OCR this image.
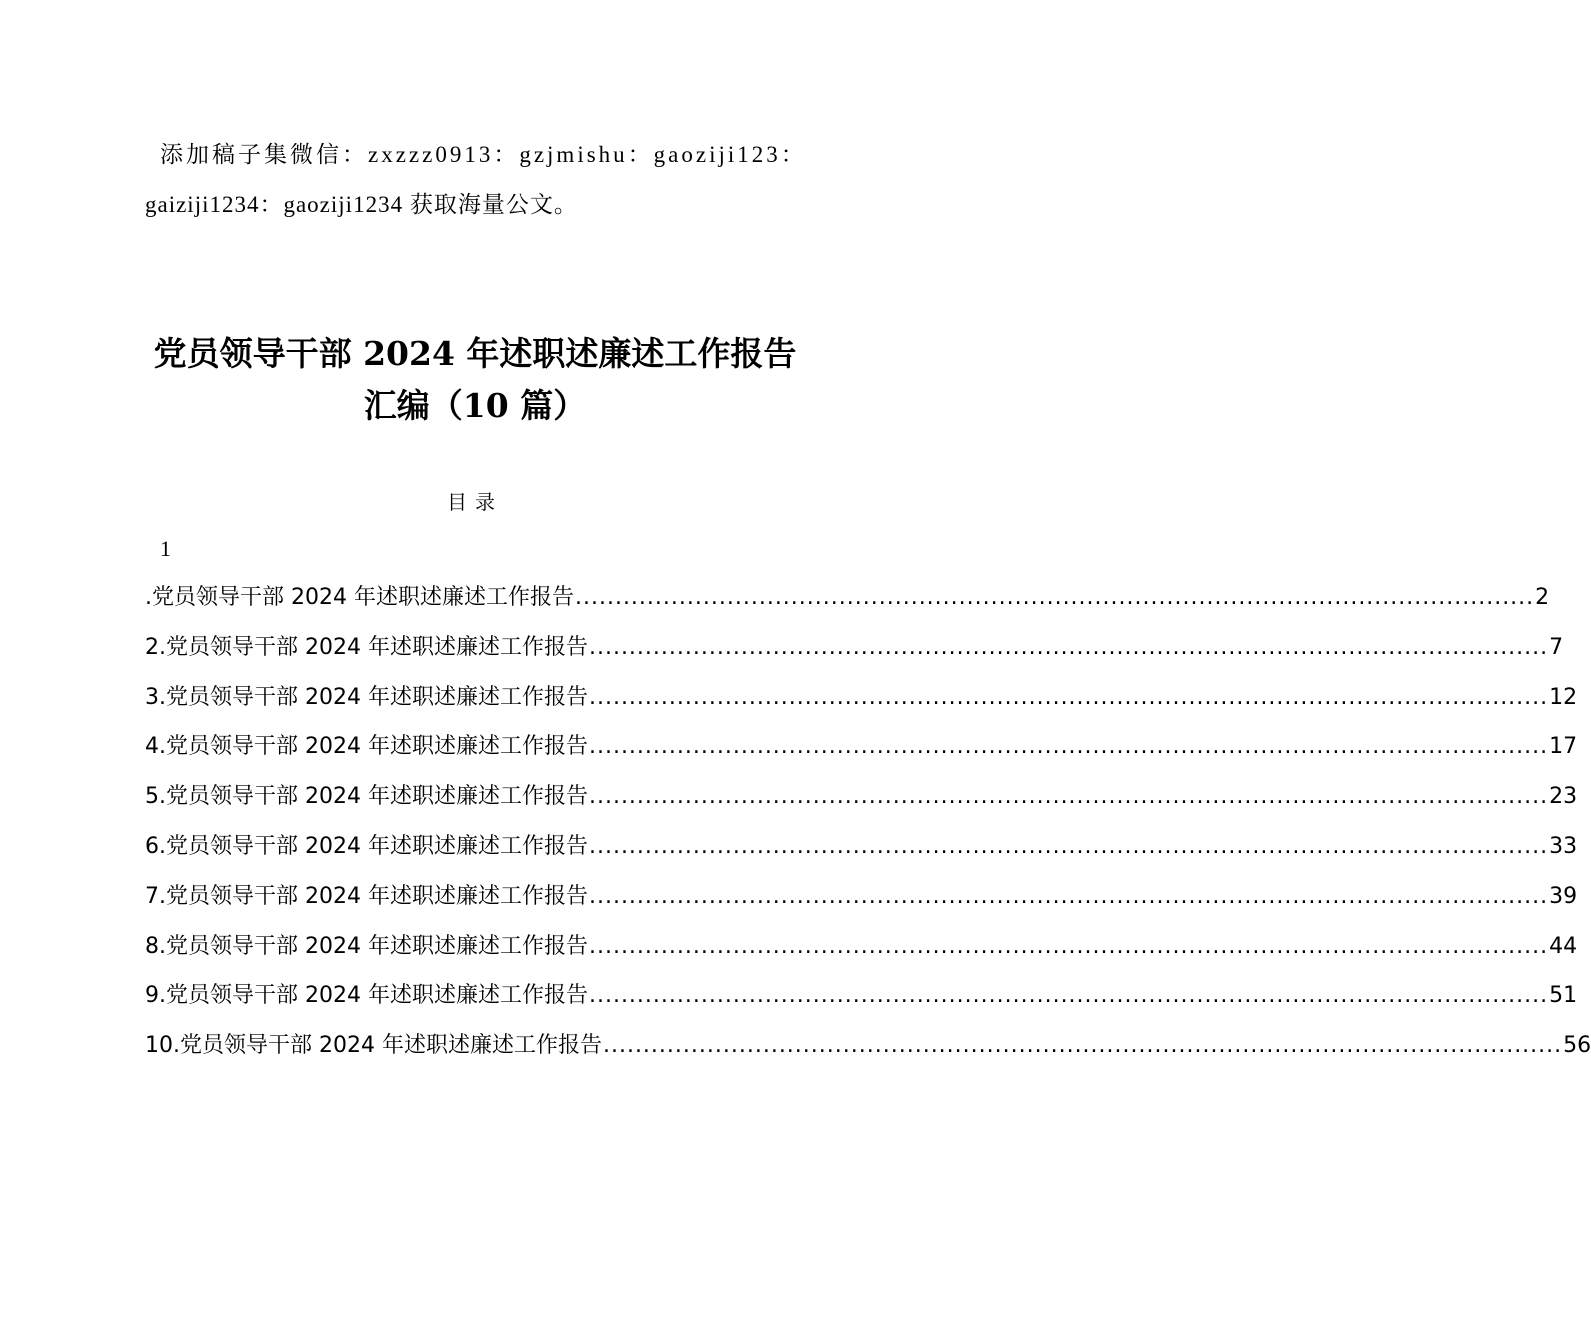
添加稿子集微信：zxzzz0913：gzjmishu：gaoziji123：
gaiziji1234：gaoziji1234 获取海量公文。
党员领导干部 2024 年述职述廉述工作报告
汇编（10 篇）
目录
1
.党员领导干部 2024 年述职述廉述工作报告 ........................................................................................................................ 2
2.党员领导干部 2024 年述职述廉述工作报告 ........................................................................................................................ 7
3.党员领导干部 2024 年述职述廉述工作报告 ........................................................................................................................ 12
4.党员领导干部 2024 年述职述廉述工作报告 ........................................................................................................................ 17
5.党员领导干部 2024 年述职述廉述工作报告 ........................................................................................................................ 23
6.党员领导干部 2024 年述职述廉述工作报告 ........................................................................................................................ 33
7.党员领导干部 2024 年述职述廉述工作报告 ........................................................................................................................ 39
8.党员领导干部 2024 年述职述廉述工作报告 ........................................................................................................................ 44
9.党员领导干部 2024 年述职述廉述工作报告 ........................................................................................................................ 51
10.党员领导干部 2024 年述职述廉述工作报告 ........................................................................................................................ 56
